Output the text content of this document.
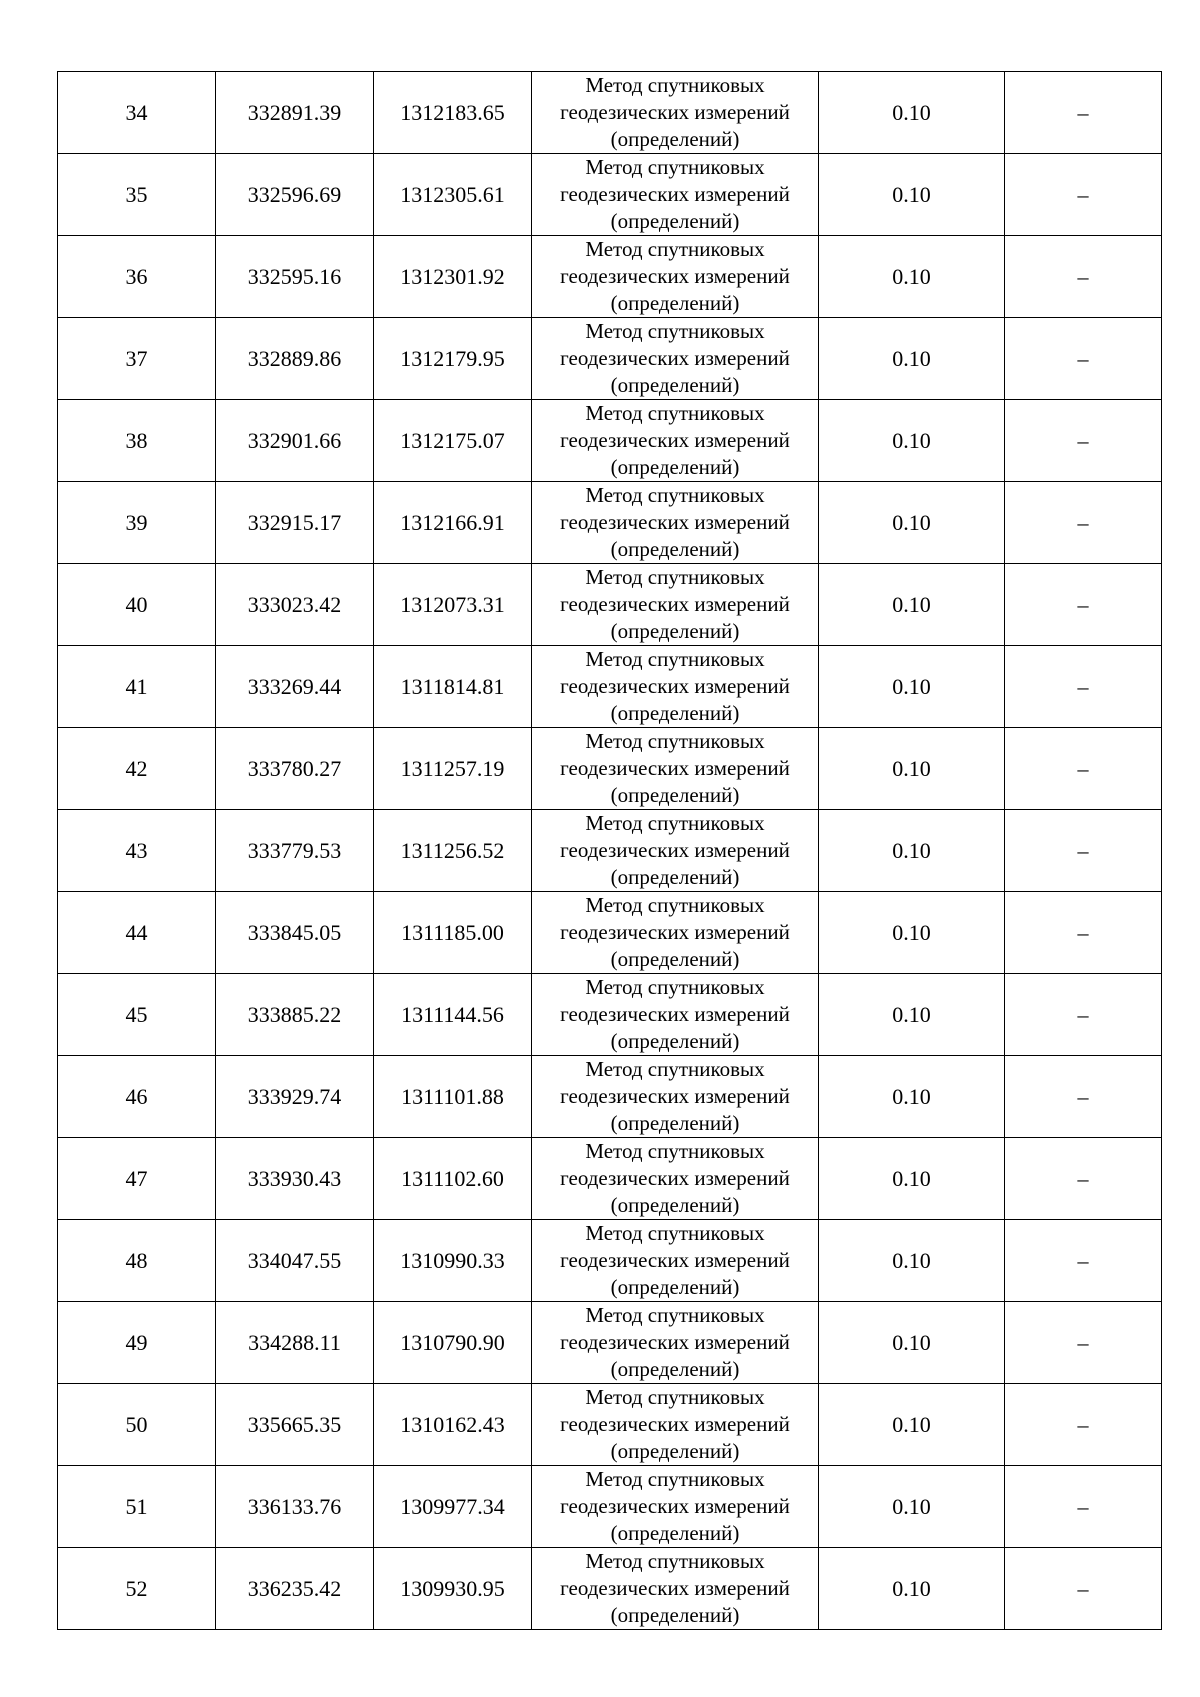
34	332891.39	1312183.65	Метод спутниковых
геодезических измерений
(определений)	0.10	–
35	332596.69	1312305.61	Метод спутниковых
геодезических измерений
(определений)	0.10	–
36	332595.16	1312301.92	Метод спутниковых
геодезических измерений
(определений)	0.10	–
37	332889.86	1312179.95	Метод спутниковых
геодезических измерений
(определений)	0.10	–
38	332901.66	1312175.07	Метод спутниковых
геодезических измерений
(определений)	0.10	–
39	332915.17	1312166.91	Метод спутниковых
геодезических измерений
(определений)	0.10	–
40	333023.42	1312073.31	Метод спутниковых
геодезических измерений
(определений)	0.10	–
41	333269.44	1311814.81	Метод спутниковых
геодезических измерений
(определений)	0.10	–
42	333780.27	1311257.19	Метод спутниковых
геодезических измерений
(определений)	0.10	–
43	333779.53	1311256.52	Метод спутниковых
геодезических измерений
(определений)	0.10	–
44	333845.05	1311185.00	Метод спутниковых
геодезических измерений
(определений)	0.10	–
45	333885.22	1311144.56	Метод спутниковых
геодезических измерений
(определений)	0.10	–
46	333929.74	1311101.88	Метод спутниковых
геодезических измерений
(определений)	0.10	–
47	333930.43	1311102.60	Метод спутниковых
геодезических измерений
(определений)	0.10	–
48	334047.55	1310990.33	Метод спутниковых
геодезических измерений
(определений)	0.10	–
49	334288.11	1310790.90	Метод спутниковых
геодезических измерений
(определений)	0.10	–
50	335665.35	1310162.43	Метод спутниковых
геодезических измерений
(определений)	0.10	–
51	336133.76	1309977.34	Метод спутниковых
геодезических измерений
(определений)	0.10	–
52	336235.42	1309930.95	Метод спутниковых
геодезических измерений
(определений)	0.10	–
